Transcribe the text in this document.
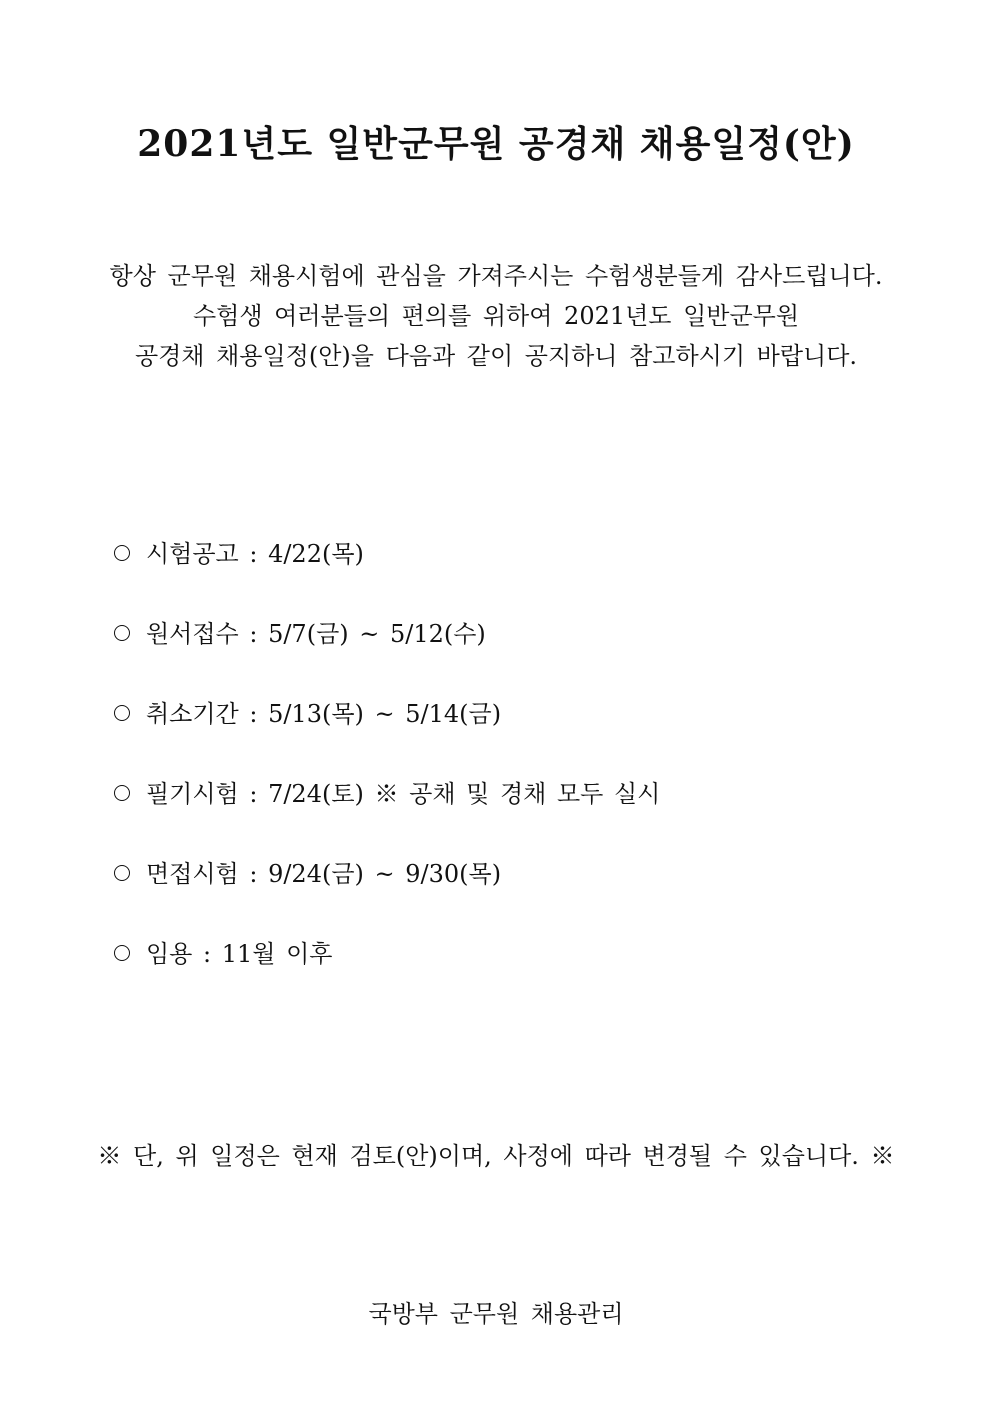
2021년도 일반군무원 공경채 채용일정(안)
항상 군무원 채용시험에 관심을 가져주시는 수험생분들게 감사드립니다.
수험생 여러분들의 편의를 위하여 2021년도 일반군무원
공경채 채용일정(안)을 다음과 같이 공지하니 참고하시기 바랍니다.
시험공고 : 4/22(목)
원서접수 : 5/7(금) ~ 5/12(수)
취소기간 : 5/13(목) ~ 5/14(금)
필기시험 : 7/24(토) ※ 공채 및 경채 모두 실시
면접시험 : 9/24(금) ~ 9/30(목)
임용 : 11월 이후
※ 단, 위 일정은 현재 검토(안)이며, 사정에 따라 변경될 수 있습니다. ※
국방부 군무원 채용관리
